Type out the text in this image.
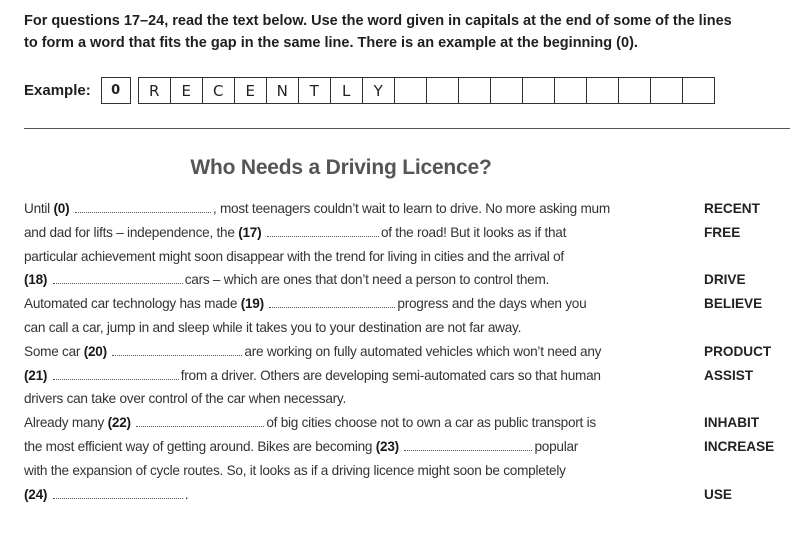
For questions 17–24, read the text below. Use the word given in capitals at the end of some of the lines
to form a word that fits the gap in the same line. There is an example at the beginning (0).
Example:	0	R	E	C	E	N	T	L	Y
Who Needs a Driving Licence?
Until (0)	, most teenagers couldn’t wait to learn to drive. No more asking mum
and dad for lifts – independence, the (17)	of the road! But it looks as if that
particular achievement might soon disappear with the trend for living in cities and the arrival of
(18)	cars – which are ones that don’t need a person to control them.
Automated car technology has made (19)	progress and the days when you
can call a car, jump in and sleep while it takes you to your destination are not far away.
Some car (20)	are working on fully automated vehicles which won’t need any
(21)	from a driver. Others are developing semi-automated cars so that human
drivers can take over control of the car when necessary.
Already many (22)	of big cities choose not to own a car as public transport is
the most efficient way of getting around. Bikes are becoming (23)	popular
with the expansion of cycle routes. So, it looks as if a driving licence might soon be completely
(24)	.
RECENT
FREE
DRIVE
BELIEVE
PRODUCT
ASSIST
INHABIT
INCREASE
USE
